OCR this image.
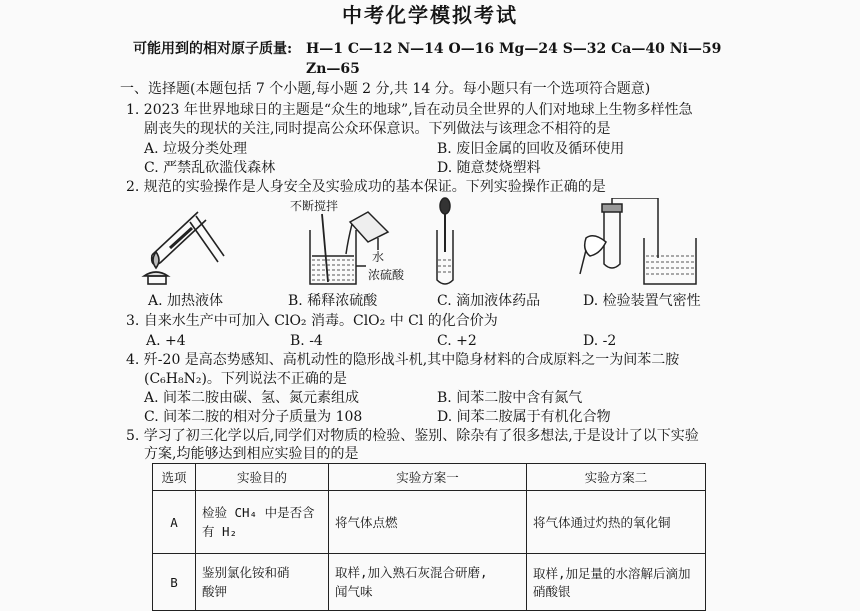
中考化学模拟考试
可能用到的相对原子质量: H—1 C—12 N—14 O—16 Mg—24 S—32 Ca—40 Ni—59
Zn—65
一、选择题(本题包括 7 个小题,每小题 2 分,共 14 分。每小题只有一个选项符合题意)
1. 2023 年世界地球日的主题是“众生的地球”,旨在动员全世界的人们对地球上生物多样性急
剧丧失的现状的关注,同时提高公众环保意识。下列做法与该理念不相符的是
A. 垃圾分类处理	B. 废旧金属的回收及循环使用
C. 严禁乱砍滥伐森林	D. 随意焚烧塑料
2. 规范的实验操作是人身安全及实验成功的基本保证。下列实验操作正确的是
不断搅拌
水
浓硫酸
A. 加热液体	B. 稀释浓硫酸	C. 滴加液体药品	D. 检验装置气密性
3. 自来水生产中可加入 ClO₂ 消毒。ClO₂ 中 Cl 的化合价为
A. +4	B. -4	C. +2	D. -2
4. 歼-20 是高态势感知、高机动性的隐形战斗机,其中隐身材料的合成原料之一为间苯二胺
(C₆H₈N₂)。下列说法不正确的是
A. 间苯二胺由碳、氢、氮元素组成	B. 间苯二胺中含有氮气
C. 间苯二胺的相对分子质量为 108	D. 间苯二胺属于有机化合物
5. 学习了初三化学以后,同学们对物质的检验、鉴别、除杂有了很多想法,于是设计了以下实验
方案,均能够达到相应实验目的的是
选项	实验目的	实验方案一	实验方案二
A	检验 CH₄ 中是否含
有 H₂	将气体点燃	将气体通过灼热的氧化铜
B	鉴别氯化铵和硝
酸钾	取样,加入熟石灰混合研磨,
闻气味	取样,加足量的水溶解后滴加
硝酸银
